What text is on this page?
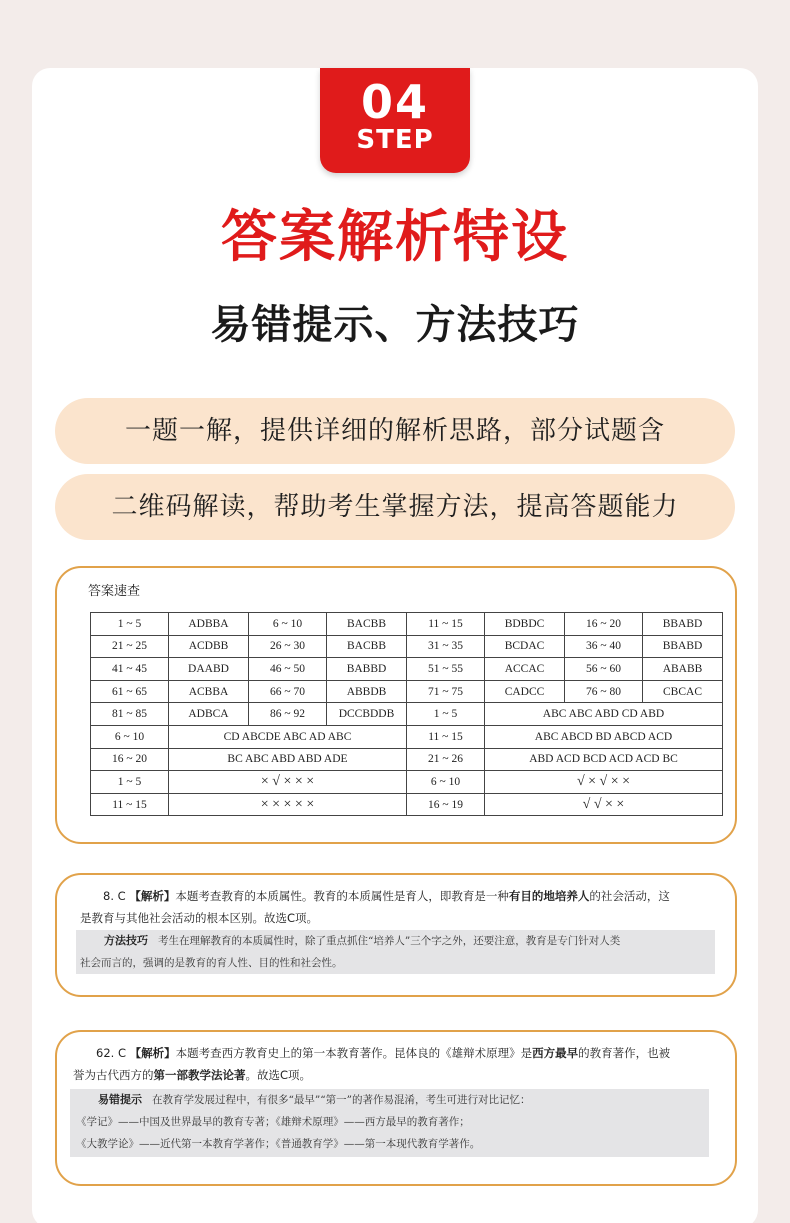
04
STEP
答案解析特设
易错提示、方法技巧
一题一解，提供详细的解析思路，部分试题含
二维码解读，帮助考生掌握方法，提高答题能力
答案速查
1 ~ 5	ADBBA	6 ~ 10	BACBB	11 ~ 15	BDBDC	16 ~ 20	BBABD
21 ~ 25	ACDBB	26 ~ 30	BACBB	31 ~ 35	BCDAC	36 ~ 40	BBABD
41 ~ 45	DAABD	46 ~ 50	BABBD	51 ~ 55	ACCAC	56 ~ 60	ABABB
61 ~ 65	ACBBA	66 ~ 70	ABBDB	71 ~ 75	CADCC	76 ~ 80	CBCAC
81 ~ 85	ADBCA	86 ~ 92	DCCBDDB	1 ~ 5	ABC ABC ABD CD ABD		
6 ~ 10	CD ABCDE ABC AD ABC			11 ~ 15	ABC ABCD BD ABCD ACD		
16 ~ 20	BC ABC ABD ABD ADE			21 ~ 26	ABD ACD BCD ACD ACD BC		
1 ~ 5	× √ × × ×			6 ~ 10	√ × √ × ×		
11 ~ 15	× × × × ×			16 ~ 19	√ √ × ×		
8. C 【解析】本题考查教育的本质属性。教育的本质属性是育人，即教育是一种有目的地培养人的社会活动，这
是教育与其他社会活动的根本区别。故选C项。
方法技巧 考生在理解教育的本质属性时，除了重点抓住“培养人”三个字之外，还要注意，教育是专门针对人类
社会而言的，强调的是教育的育人性、目的性和社会性。
62. C 【解析】本题考查西方教育史上的第一本教育著作。昆体良的《雄辩术原理》是西方最早的教育著作，也被
誉为古代西方的第一部教学法论著。故选C项。
易错提示 在教育学发展过程中，有很多“最早”“第一”的著作易混淆，考生可进行对比记忆：
《学记》——中国及世界最早的教育专著；《雄辩术原理》——西方最早的教育著作；
《大教学论》——近代第一本教育学著作；《普通教育学》——第一本现代教育学著作。
